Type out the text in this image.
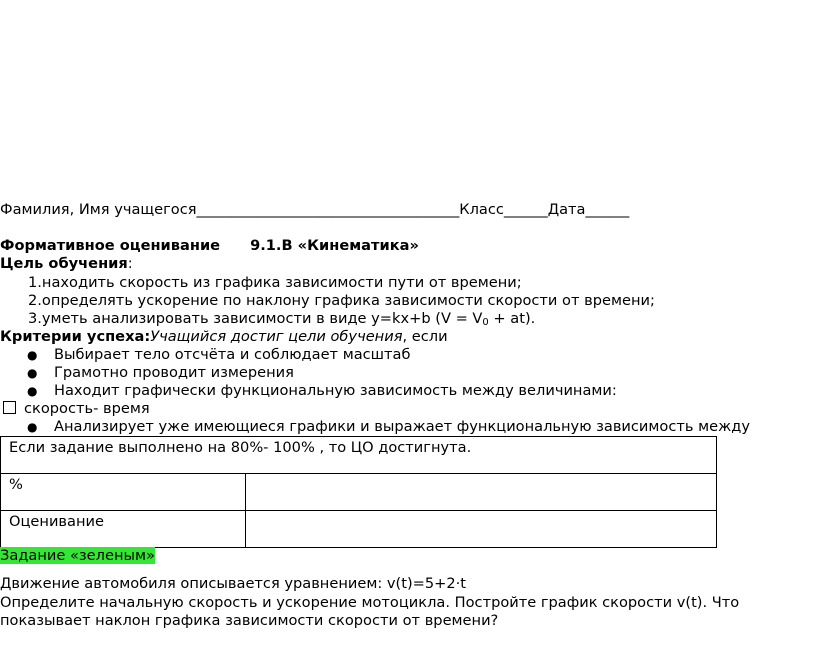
Фамилия, Имя учащегося____________________________________Класс______Дата______
Формативное оценивание 9.1.В «Кинематика»
Цель обучения:
1.находить скорость из графика зависимости пути от времени;
2.определять ускорение по наклону графика зависимости скорости от времени;
3.уметь анализировать зависимости в виде y=kx+b $(V = V_0 + at)$.
Критерии успеха:Учащийся достиг цели обучения, если
● Выбирает тело отсчёта и соблюдает масштаб
● Грамотно проводит измерения
● Находит графически функциональную зависимость между величинами:
скорость- время
● Анализирует уже имеющиеся графики и выражает функциональную зависимость между
Если задание выполнено на 80%- 100% , то ЦО достигнута.	
%	
Оценивание	
Задание «зеленым»
Движение автомобиля описывается уравнением: v(t)=5+2·t
Определите начальную скорость и ускорение мотоцикла. Постройте график скорости v(t). Что
показывает наклон графика зависимости скорости от времени?
